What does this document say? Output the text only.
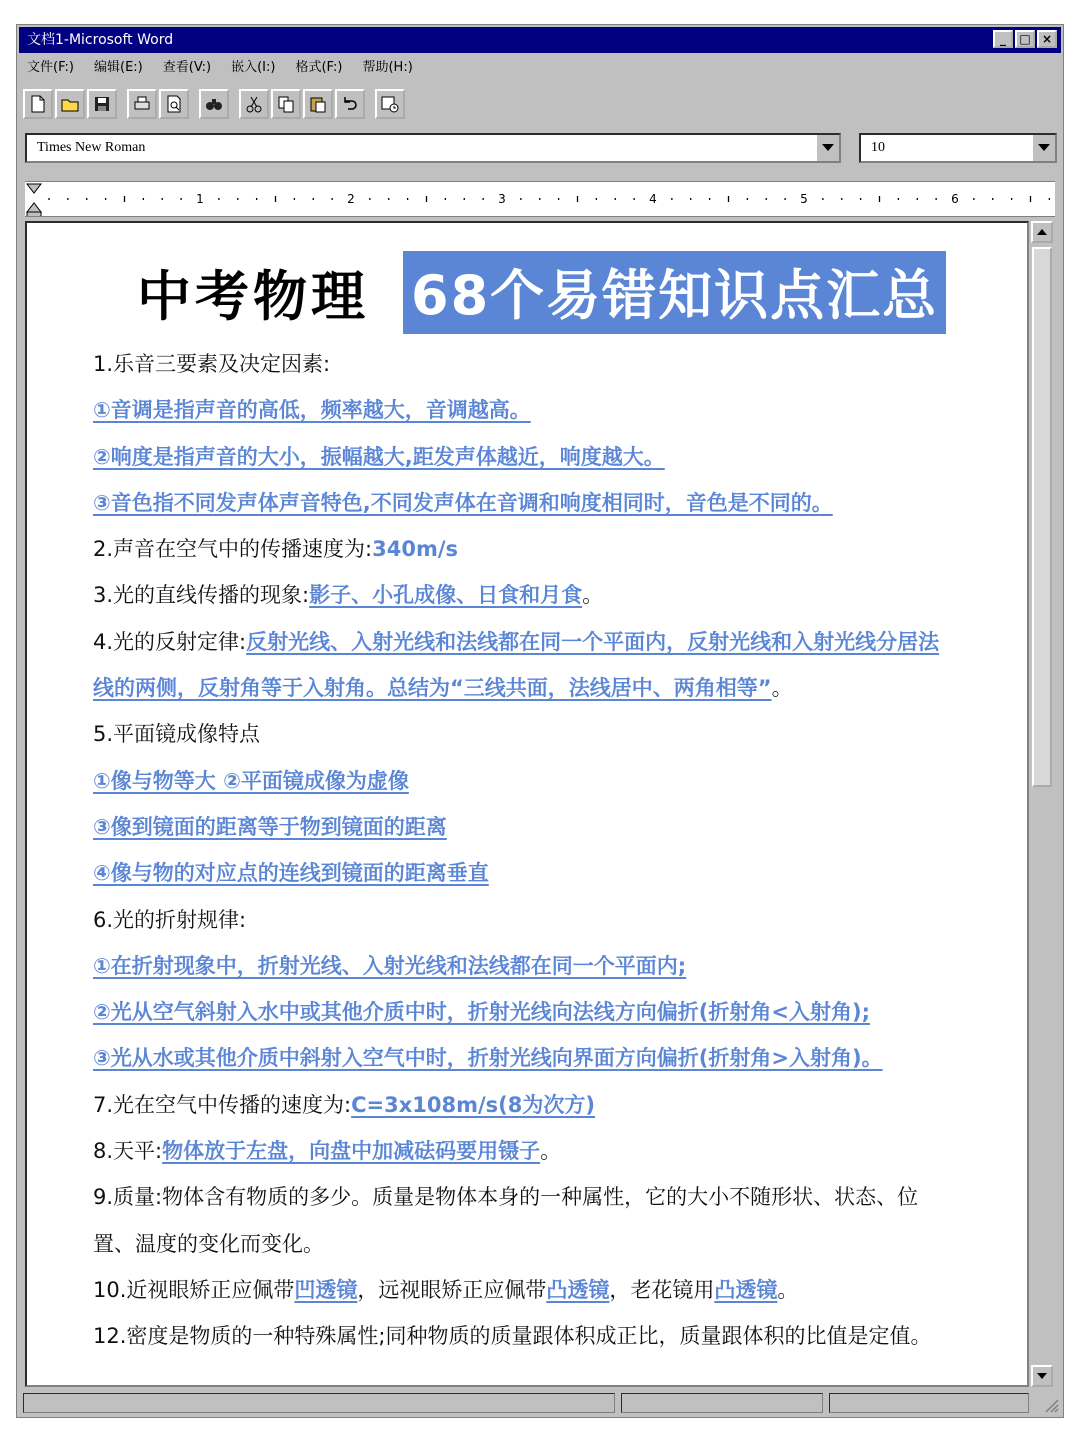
文档1-Microsoft Word	_	□ ×
文件(F:) 编辑(E:) 查看(V:) 嵌入(I:) 格式(F:) 帮助(H:)
Times New Roman	10
1	2	3	4	5	6
中考物理 68个易错知识点汇总
1.乐音三要素及决定因素:
①音调是指声音的高低，频率越大，音调越高。
②响度是指声音的大小，振幅越大,距发声体越近，响度越大。
③音色指不同发声体声音特色,不同发声体在音调和响度相同时，音色是不同的。
2.声音在空气中的传播速度为:340m/s
3.光的直线传播的现象:影子、小孔成像、日食和月食。
4.光的反射定律:反射光线、入射光线和法线都在同一个平面内，反射光线和入射光线分居法
线的两侧，反射角等于入射角。总结为“三线共面，法线居中、两角相等”。
5.平面镜成像特点
①像与物等大 ②平面镜成像为虚像
③像到镜面的距离等于物到镜面的距离
④像与物的对应点的连线到镜面的距离垂直
6.光的折射规律:
①在折射现象中，折射光线、入射光线和法线都在同一个平面内;
②光从空气斜射入水中或其他介质中时，折射光线向法线方向偏折(折射角<入射角);
③光从水或其他介质中斜射入空气中时，折射光线向界面方向偏折(折射角>入射角)。
7.光在空气中传播的速度为:C=3x108m/s(8为次方)
8.天平:物体放于左盘，向盘中加减砝码要用镊子。
9.质量:物体含有物质的多少。质量是物体本身的一种属性，它的大小不随形状、状态、位
置、温度的变化而变化。
10.近视眼矫正应佩带凹透镜，远视眼矫正应佩带凸透镜，老花镜用凸透镜。
12.密度是物质的一种特殊属性;同种物质的质量跟体积成正比，质量跟体积的比值是定值。
